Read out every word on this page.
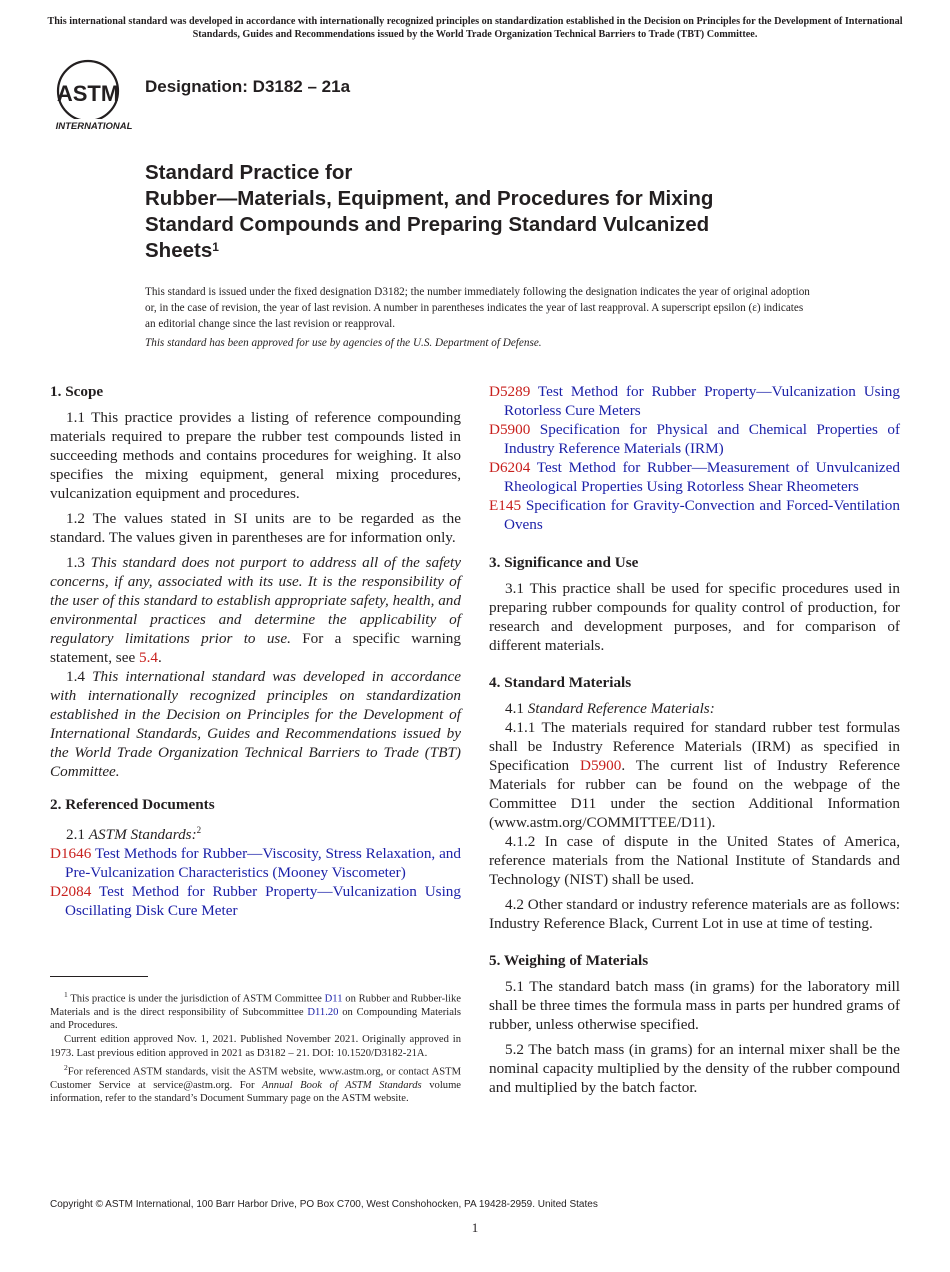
This international standard was developed in accordance with internationally recognized principles on standardization established in the Decision on Principles for the Development of International Standards, Guides and Recommendations issued by the World Trade Organization Technical Barriers to Trade (TBT) Committee.
ASTM
INTERNATIONAL
Designation: D3182 – 21a
Standard Practice for
Rubber—Materials, Equipment, and Procedures for Mixing
Standard Compounds and Preparing Standard Vulcanized
Sheets$^1$
This standard is issued under the fixed designation D3182; the number immediately following the designation indicates the year of original adoption or, in the case of revision, the year of last revision. A number in parentheses indicates the year of last reapproval. A superscript epsilon (ε) indicates an editorial change since the last revision or reapproval.
This standard has been approved for use by agencies of the U.S. Department of Defense.
1. Scope

1.1 This practice provides a listing of reference compounding materials required to prepare the rubber test compounds listed in succeeding methods and contains procedures for weighing. It also specifies the mixing equipment, general mixing procedures, vulcanization equipment and procedures.

1.2 The values stated in SI units are to be regarded as the standard. The values given in parentheses are for information only.

1.3 This standard does not purport to address all of the safety concerns, if any, associated with its use. It is the responsibility of the user of this standard to establish appropriate safety, health, and environmental practices and determine the applicability of regulatory limitations prior to use. For a specific warning statement, see 5.4.

1.4 This international standard was developed in accordance with internationally recognized principles on standardization established in the Decision on Principles for the Development of International Standards, Guides and Recommendations issued by the World Trade Organization Technical Barriers to Trade (TBT) Committee.

2. Referenced Documents

2.1 ASTM Standards:$^2$

D1646 Test Methods for Rubber—Viscosity, Stress Relaxation, and Pre-Vulcanization Characteristics (Mooney Viscometer)

D2084 Test Method for Rubber Property—Vulcanization Using Oscillating Disk Cure Meter

D5289 Test Method for Rubber Property—Vulcanization Using Rotorless Cure Meters

D5900 Specification for Physical and Chemical Properties of Industry Reference Materials (IRM)

D6204 Test Method for Rubber—Measurement of Unvulcanized Rheological Properties Using Rotorless Shear Rheometers

E145 Specification for Gravity-Convection and Forced-Ventilation Ovens

3. Significance and Use

3.1 This practice shall be used for specific procedures used in preparing rubber compounds for quality control of production, for research and development purposes, and for comparison of different materials.

4. Standard Materials

4.1 Standard Reference Materials:

4.1.1 The materials required for standard rubber test formulas shall be Industry Reference Materials (IRM) as specified in Specification D5900. The current list of Industry Reference Materials for rubber can be found on the webpage of the Committee D11 under the section Additional Information (www.astm.org/COMMITTEE/D11).

4.1.2 In case of dispute in the United States of America, reference materials from the National Institute of Standards and Technology (NIST) shall be used.

4.2 Other standard or industry reference materials are as follows: Industry Reference Black, Current Lot in use at time of testing.

5. Weighing of Materials

5.1 The standard batch mass (in grams) for the laboratory mill shall be three times the formula mass in parts per hundred grams of rubber, unless otherwise specified.

5.2 The batch mass (in grams) for an internal mixer shall be the nominal capacity multiplied by the density of the rubber compound and multiplied by the batch factor.

$^1$ This practice is under the jurisdiction of ASTM Committee D11 on Rubber and Rubber-like Materials and is the direct responsibility of Subcommittee D11.20 on Compounding Materials and Procedures.

Current edition approved Nov. 1, 2021. Published November 2021. Originally approved in 1973. Last previous edition approved in 2021 as D3182 – 21. DOI: 10.1520/D3182-21A.

$^2$For referenced ASTM standards, visit the ASTM website, www.astm.org, or contact ASTM Customer Service at service@astm.org. For Annual Book of ASTM Standards volume information, refer to the standard’s Document Summary page on the ASTM website.

Copyright © ASTM International, 100 Barr Harbor Drive, PO Box C700, West Conshohocken, PA 19428-2959. United States
1
